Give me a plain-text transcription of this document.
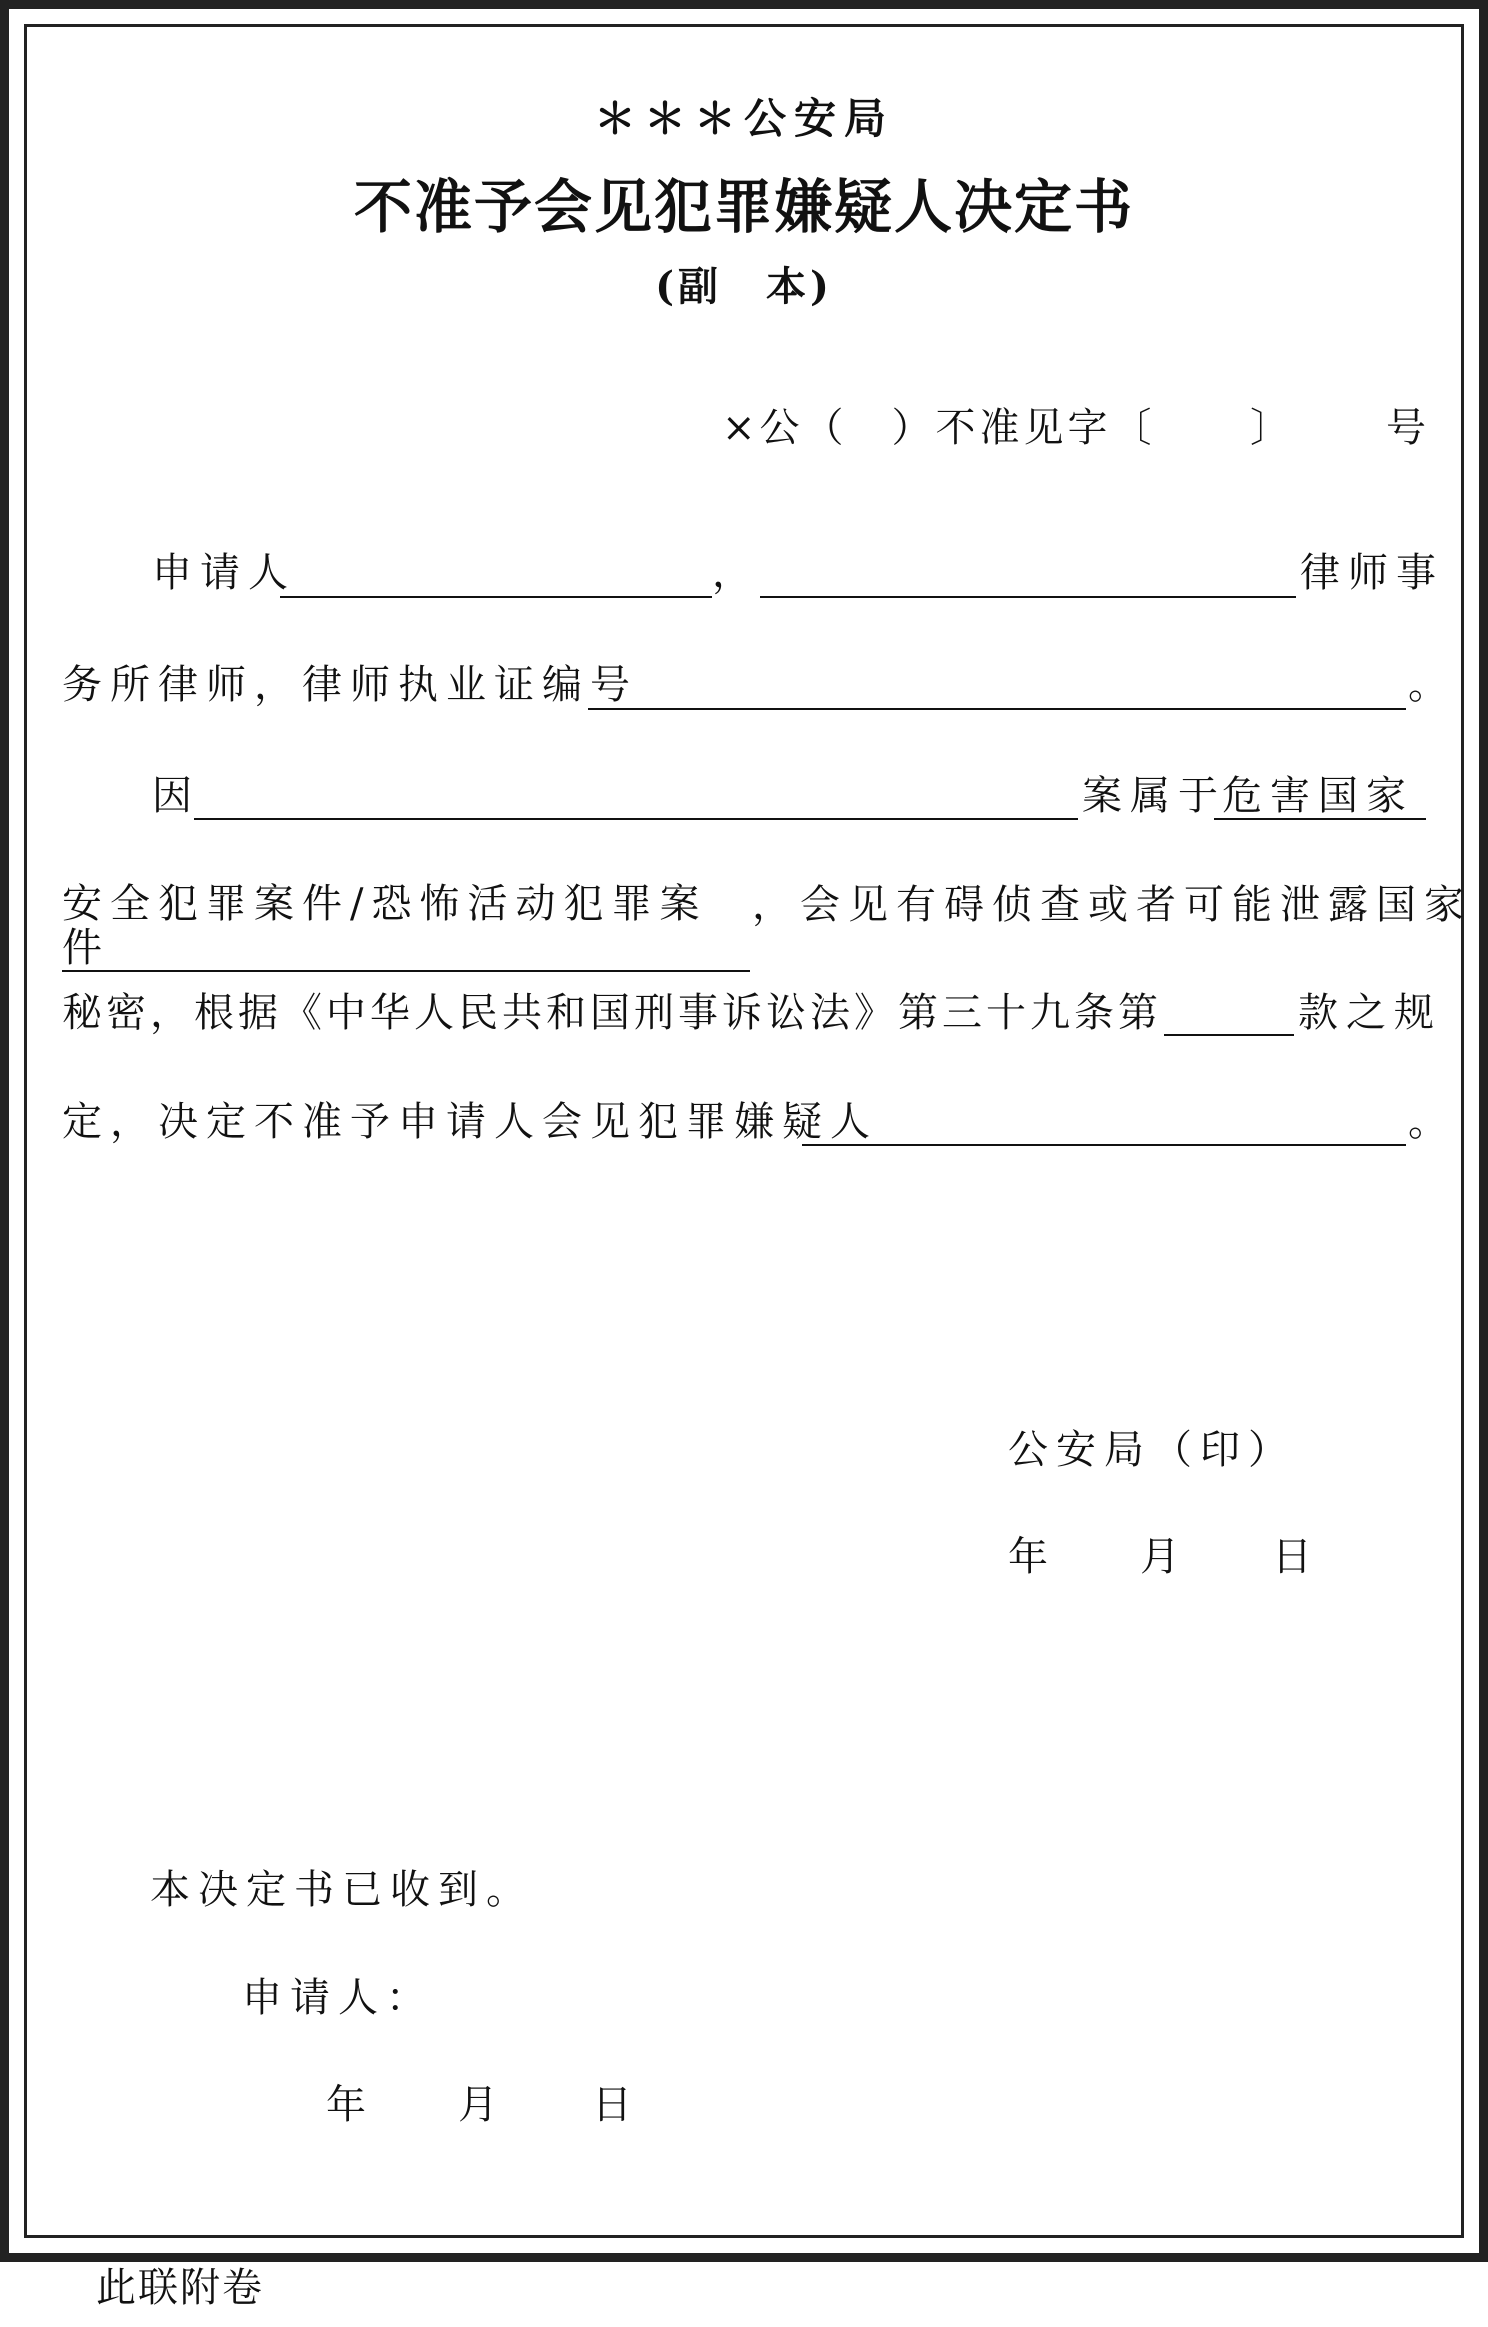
＊＊＊公安局
不准予会见犯罪嫌疑人决定书
(副　本)
×公（　）不准见字〔 〕 号
申请人	，	律师事
务所律师，律师执业证编号	。
因	案属于
危害国家
安全犯罪案件/恐怖活动犯罪案件
，会见有碍侦查或者可能泄露国家
秘密，根据《中华人民共和国刑事诉讼法》第三十九条第	款之规
定，决定不准予申请人会见犯罪嫌疑人	。
公安局（印）
年 月 日
本决定书已收到。
申请人：
年 月 日
此联附卷
